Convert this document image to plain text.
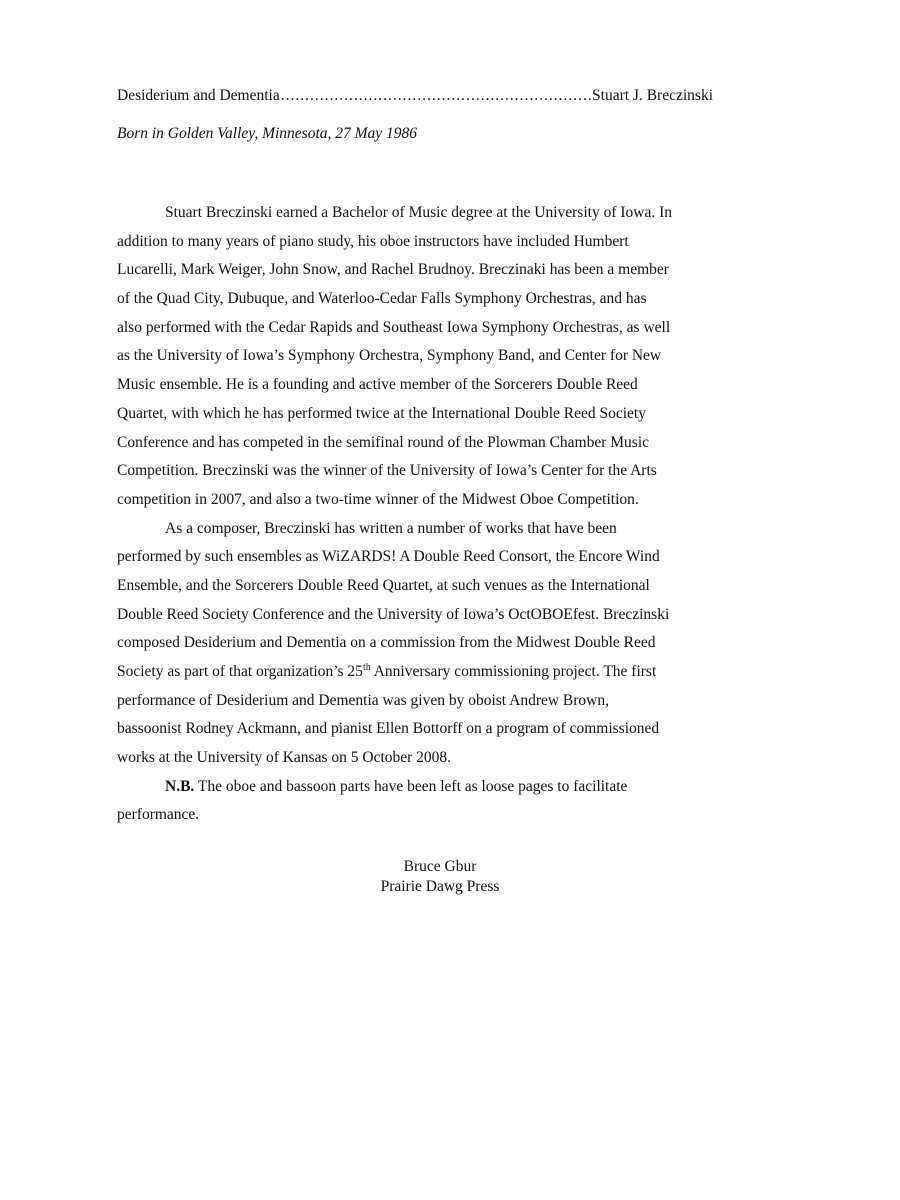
Desiderium and Dementia
.....	Stuart J. Breczinski
Born in Golden Valley, Minnesota, 27 May 1986
Stuart Breczinski earned a Bachelor of Music degree at the University of Iowa. In
addition to many years of piano study, his oboe instructors have included Humbert
Lucarelli, Mark Weiger, John Snow, and Rachel Brudnoy. Breczinaki has been a member
of the Quad City, Dubuque, and Waterloo-Cedar Falls Symphony Orchestras, and has
also performed with the Cedar Rapids and Southeast Iowa Symphony Orchestras, as well
as the University of Iowa’s Symphony Orchestra, Symphony Band, and Center for New
Music ensemble. He is a founding and active member of the Sorcerers Double Reed
Quartet, with which he has performed twice at the International Double Reed Society
Conference and has competed in the semifinal round of the Plowman Chamber Music
Competition. Breczinski was the winner of the University of Iowa’s Center for the Arts
competition in 2007, and also a two-time winner of the Midwest Oboe Competition.
As a composer, Breczinski has written a number of works that have been
performed by such ensembles as WiZARDS! A Double Reed Consort, the Encore Wind
Ensemble, and the Sorcerers Double Reed Quartet, at such venues as the International
Double Reed Society Conference and the University of Iowa’s OctOBOEfest. Breczinski
composed Desiderium and Dementia on a commission from the Midwest Double Reed
Society as part of that organization’s 25th Anniversary commissioning project. The first
performance of Desiderium and Dementia was given by oboist Andrew Brown,
bassoonist Rodney Ackmann, and pianist Ellen Bottorff on a program of commissioned
works at the University of Kansas on 5 October 2008.
N.B. The oboe and bassoon parts have been left as loose pages to facilitate
performance.
Bruce Gbur
Prairie Dawg Press
